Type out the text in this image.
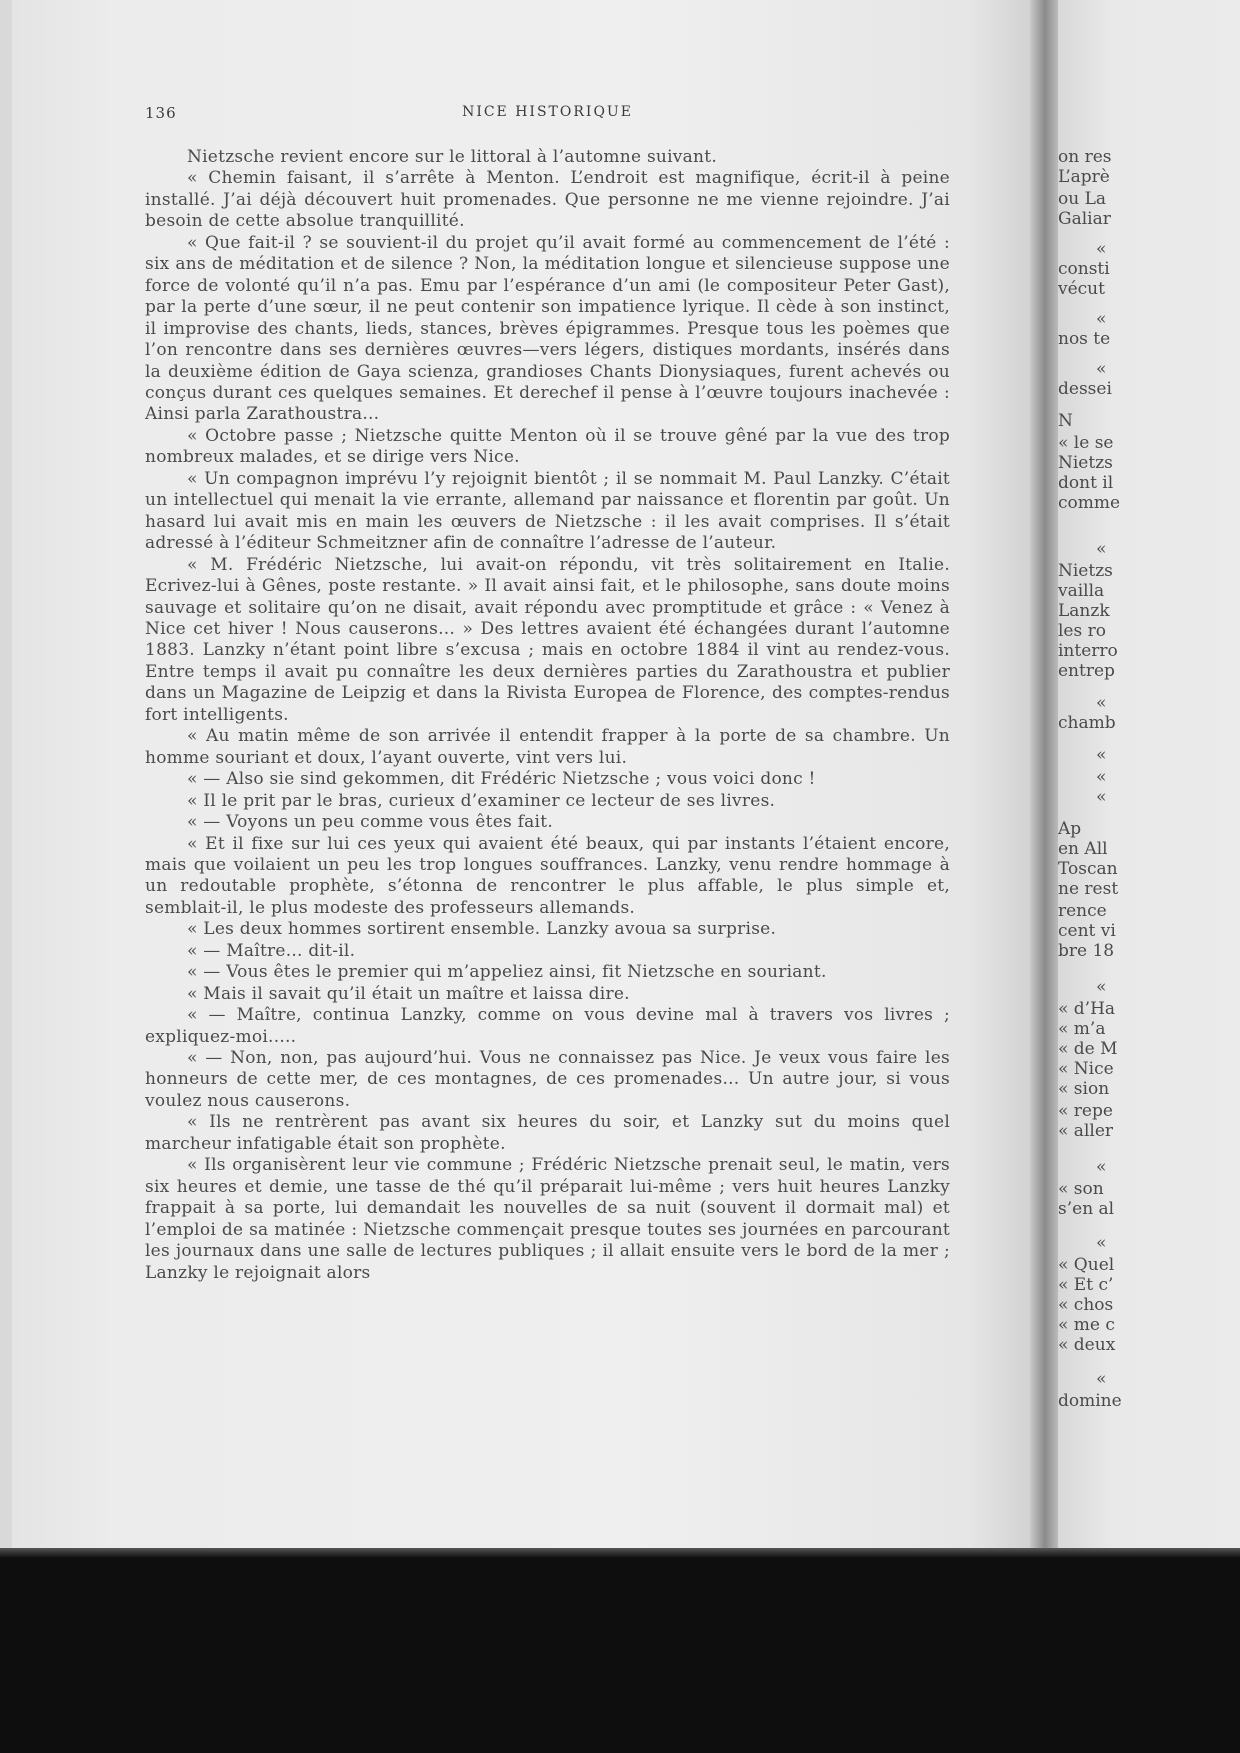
on res
L’aprè
ou La
Galiar
«
consti
vécut
«
nos te
«
dessei
N
« le se
Nietzs
dont il
comme
«
Nietzs
vailla
Lanzk
les ro
interro
entrep
«
chamb
«
«
«
Ap
en All
Toscan
ne rest
rence
cent vi
bre 18
«
« d’Ha
« m’a
« de M
« Nice
« sion
« repe
« aller
«
« son
s’en al
«
« Quel
« Et c’
« chos
« me c
« deux
«
domine
136	NICE HISTORIQUE

Nietzsche revient encore sur le littoral à l’automne suivant.

« Chemin faisant, il s’arrête à Menton. L’endroit est magnifique, écrit-il à peine installé. J’ai déjà découvert huit promenades. Que personne ne me vienne rejoindre. J’ai besoin de cette absolue tranquillité.

« Que fait-il ? se souvient-il du projet qu’il avait formé au commencement de l’été : six ans de méditation et de silence ? Non, la méditation longue et silencieuse suppose une force de volonté qu’il n’a pas. Emu par l’espérance d’un ami (le compositeur Peter Gast), par la perte d’une sœur, il ne peut contenir son impatience lyrique. Il cède à son instinct, il improvise des chants, lieds, stances, brèves épigrammes. Presque tous les poèmes que l’on rencontre dans ses dernières œuvres—vers légers, distiques mordants, insérés dans la deuxième édition de Gaya scienza, grandioses Chants Dionysiaques, furent achevés ou conçus durant ces quelques semaines. Et derechef il pense à l’œuvre toujours inachevée : Ainsi parla Zarathoustra...

« Octobre passe ; Nietzsche quitte Menton où il se trouve gêné par la vue des trop nombreux malades, et se dirige vers Nice.

« Un compagnon imprévu l’y rejoignit bientôt ; il se nommait M. Paul Lanzky. C’était un intellectuel qui menait la vie errante, allemand par naissance et florentin par goût. Un hasard lui avait mis en main les œuvers de Nietzsche : il les avait comprises. Il s’était adressé à l’éditeur Schmeitzner afin de connaître l’adresse de l’auteur.

« M. Frédéric Nietzsche, lui avait-on répondu, vit très solitairement en Italie. Ecrivez-lui à Gênes, poste restante. » Il avait ainsi fait, et le philosophe, sans doute moins sauvage et solitaire qu’on ne disait, avait répondu avec promptitude et grâce : « Venez à Nice cet hiver ! Nous causerons... » Des lettres avaient été échangées durant l’automne 1883. Lanzky n’étant point libre s’excusa ; mais en octobre 1884 il vint au rendez-vous. Entre temps il avait pu connaître les deux dernières parties du Zarathoustra et publier dans un Magazine de Leipzig et dans la Rivista Europea de Florence, des comptes-rendus fort intelligents.

« Au matin même de son arrivée il entendit frapper à la porte de sa chambre. Un homme souriant et doux, l’ayant ouverte, vint vers lui.

« — Also sie sind gekommen, dit Frédéric Nietzsche ; vous voici donc !

« Il le prit par le bras, curieux d’examiner ce lecteur de ses livres.

« — Voyons un peu comme vous êtes fait.

« Et il fixe sur lui ces yeux qui avaient été beaux, qui par instants l’étaient encore, mais que voilaient un peu les trop longues souffrances. Lanzky, venu rendre hommage à un redoutable prophète, s’étonna de rencontrer le plus affable, le plus simple et, semblait-il, le plus modeste des professeurs allemands.

« Les deux hommes sortirent ensemble. Lanzky avoua sa surprise.

« — Maître... dit-il.

« — Vous êtes le premier qui m’appeliez ainsi, fit Nietzsche en souriant.

« Mais il savait qu’il était un maître et laissa dire.

« — Maître, continua Lanzky, comme on vous devine mal à travers vos livres ; expliquez-moi.....

« — Non, non, pas aujourd’hui. Vous ne connaissez pas Nice. Je veux vous faire les honneurs de cette mer, de ces montagnes, de ces promenades... Un autre jour, si vous voulez nous causerons.

« Ils ne rentrèrent pas avant six heures du soir, et Lanzky sut du moins quel marcheur infatigable était son prophète.

« Ils organisèrent leur vie commune ; Frédéric Nietzsche prenait seul, le matin, vers six heures et demie, une tasse de thé qu’il préparait lui-même ; vers huit heures Lanzky frappait à sa porte, lui demandait les nouvelles de sa nuit (souvent il dormait mal) et l’emploi de sa matinée : Nietzsche commençait presque toutes ses journées en parcourant les journaux dans une salle de lectures publiques ; il allait ensuite vers le bord de la mer ; Lanzky le rejoignait alors
